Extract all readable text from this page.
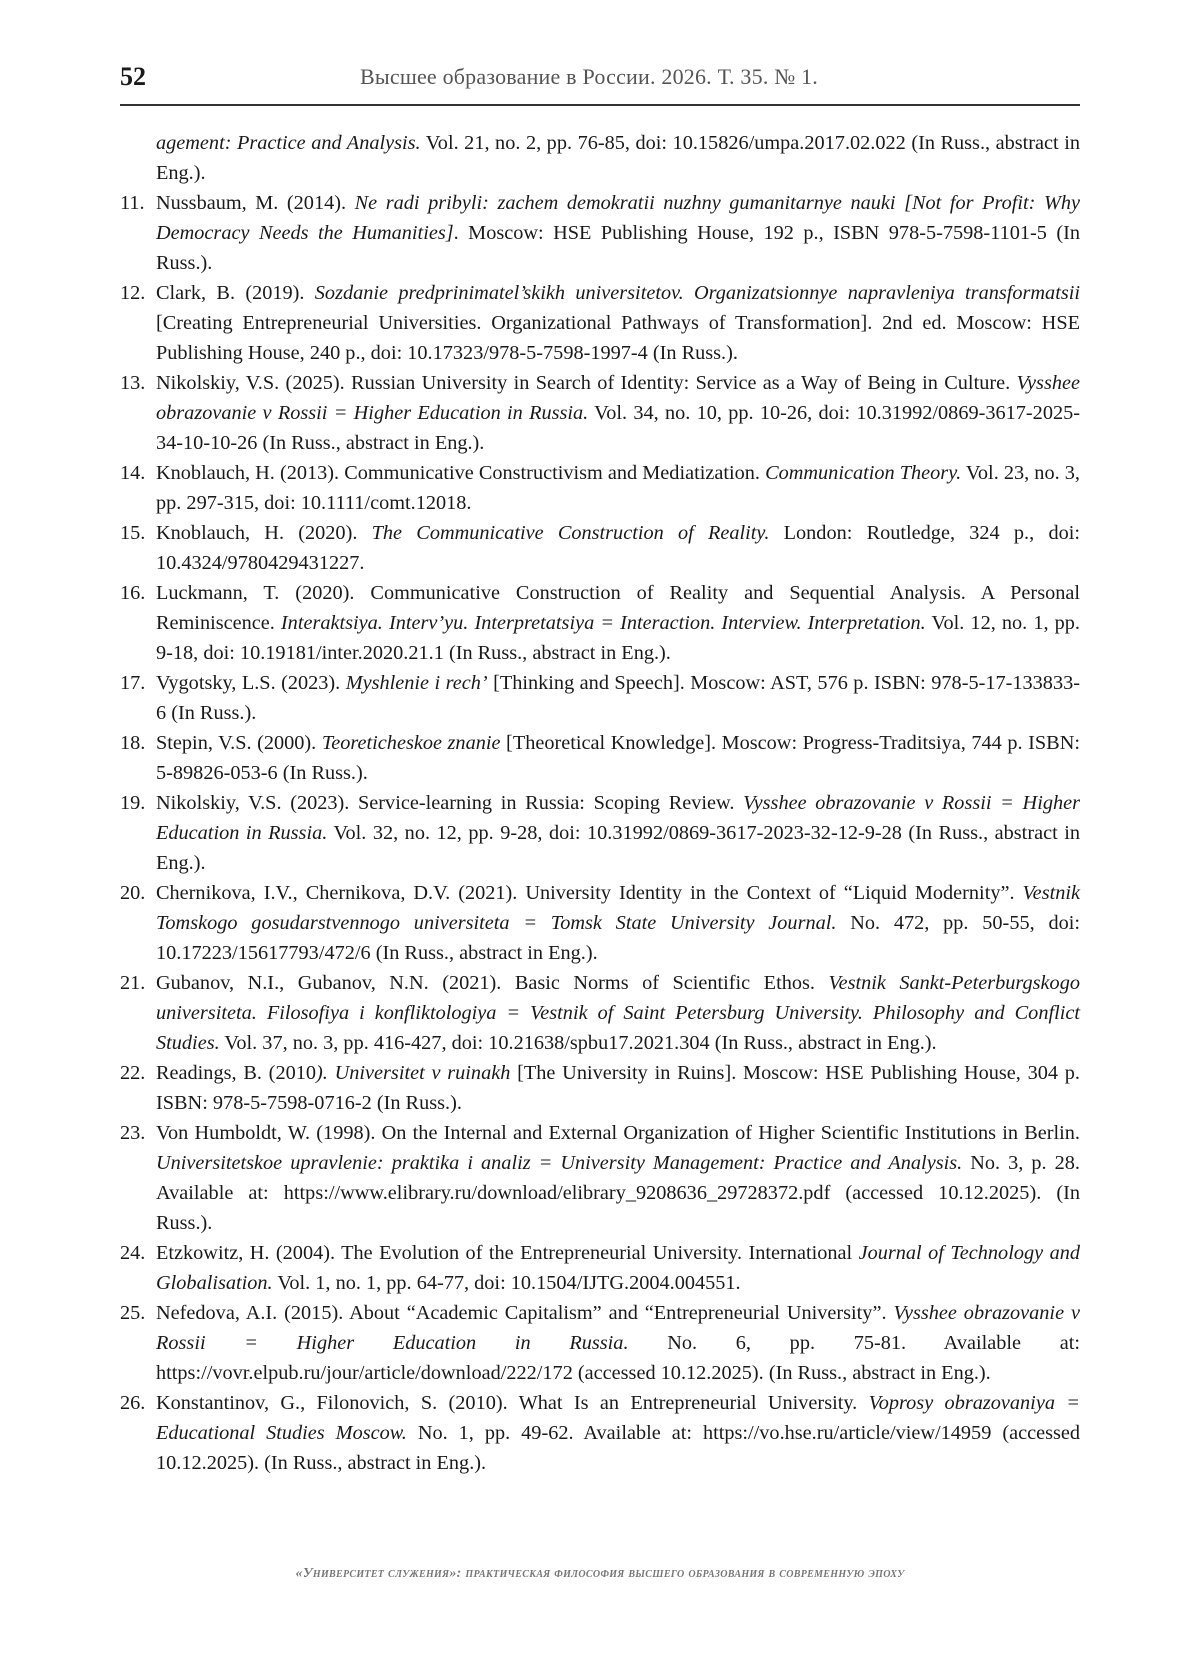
52	Высшее образование в России. 2026. Т. 35. № 1.
agement: Practice and Analysis. Vol. 21, no. 2, pp. 76-85, doi: 10.15826/umpa.2017.02.022 (In Russ., abstract in Eng.).
11. Nussbaum, M. (2014). Ne radi pribyli: zachem demokratii nuzhny gumanitarnye nauki [Not for Profit: Why Democracy Needs the Humanities]. Moscow: HSE Publishing House, 192 p., ISBN 978-5-7598-1101-5 (In Russ.).
12. Clark, B. (2019). Sozdanie predprinimatel’skikh universitetov. Organizatsionnye napravleniya transformatsii [Creating Entrepreneurial Universities. Organizational Pathways of Transformation]. 2nd ed. Moscow: HSE Publishing House, 240 p., doi: 10.17323/978-5-7598-1997-4 (In Russ.).
13. Nikolskiy, V.S. (2025). Russian University in Search of Identity: Service as a Way of Being in Culture. Vysshee obrazovanie v Rossii = Higher Education in Russia. Vol. 34, no. 10, pp. 10-26, doi: 10.31992/0869-3617-2025-34-10-10-26 (In Russ., abstract in Eng.).
14. Knoblauch, H. (2013). Communicative Constructivism and Mediatization. Communication Theory. Vol. 23, no. 3, pp. 297-315, doi: 10.1111/comt.12018.
15. Knoblauch, H. (2020). The Communicative Construction of Reality. London: Routledge, 324 p., doi: 10.4324/9780429431227.
16. Luckmann, T. (2020). Communicative Construction of Reality and Sequential Analysis. A Personal Reminiscence. Interaktsiya. Interv’yu. Interpretatsiya = Interaction. Interview. Interpretation. Vol. 12, no. 1, pp. 9-18, doi: 10.19181/inter.2020.21.1 (In Russ., abstract in Eng.).
17. Vygotsky, L.S. (2023). Myshlenie i rech’ [Thinking and Speech]. Moscow: AST, 576 p. ISBN: 978-5-17-133833-6 (In Russ.).
18. Stepin, V.S. (2000). Teoreticheskoe znanie [Theoretical Knowledge]. Moscow: Progress-Traditsiya, 744 p. ISBN: 5-89826-053-6 (In Russ.).
19. Nikolskiy, V.S. (2023). Service-learning in Russia: Scoping Review. Vysshee obrazovanie v Rossii = Higher Education in Russia. Vol. 32, no. 12, pp. 9-28, doi: 10.31992/0869-3617-2023-32-12-9-28 (In Russ., abstract in Eng.).
20. Chernikova, I.V., Chernikova, D.V. (2021). University Identity in the Context of “Liquid Modernity”. Vestnik Tomskogo gosudarstvennogo universiteta = Tomsk State University Journal. No. 472, pp. 50-55, doi: 10.17223/15617793/472/6 (In Russ., abstract in Eng.).
21. Gubanov, N.I., Gubanov, N.N. (2021). Basic Norms of Scientific Ethos. Vestnik Sankt-Peterburgskogo universiteta. Filosofiya i konfliktologiya = Vestnik of Saint Petersburg University. Philosophy and Conflict Studies. Vol. 37, no. 3, pp. 416-427, doi: 10.21638/spbu17.2021.304 (In Russ., abstract in Eng.).
22. Readings, B. (2010). Universitet v ruinakh [The University in Ruins]. Moscow: HSE Publishing House, 304 p. ISBN: 978-5-7598-0716-2 (In Russ.).
23. Von Humboldt, W. (1998). On the Internal and External Organization of Higher Scientific Institutions in Berlin. Universitetskoe upravlenie: praktika i analiz = University Management: Practice and Analysis. No. 3, p. 28. Available at: https://www.elibrary.ru/download/elibrary_9208636_29728372.pdf (accessed 10.12.2025). (In Russ.).
24. Etzkowitz, H. (2004). The Evolution of the Entrepreneurial University. International Journal of Technology and Globalisation. Vol. 1, no. 1, pp. 64-77, doi: 10.1504/IJTG.2004.004551.
25. Nefedova, A.I. (2015). About “Academic Capitalism” and “Entrepreneurial University”. Vysshee obrazovanie v Rossii = Higher Education in Russia. No. 6, pp. 75-81. Available at: https://vovr.elpub.ru/jour/article/download/222/172 (accessed 10.12.2025). (In Russ., abstract in Eng.).
26. Konstantinov, G., Filonovich, S. (2010). What Is an Entrepreneurial University. Voprosy obrazovaniya = Educational Studies Moscow. No. 1, pp. 49-62. Available at: https://vo.hse.ru/article/view/14959 (accessed 10.12.2025). (In Russ., abstract in Eng.).
«Университет служения»: практическая философия высшего образования в современную эпоху
